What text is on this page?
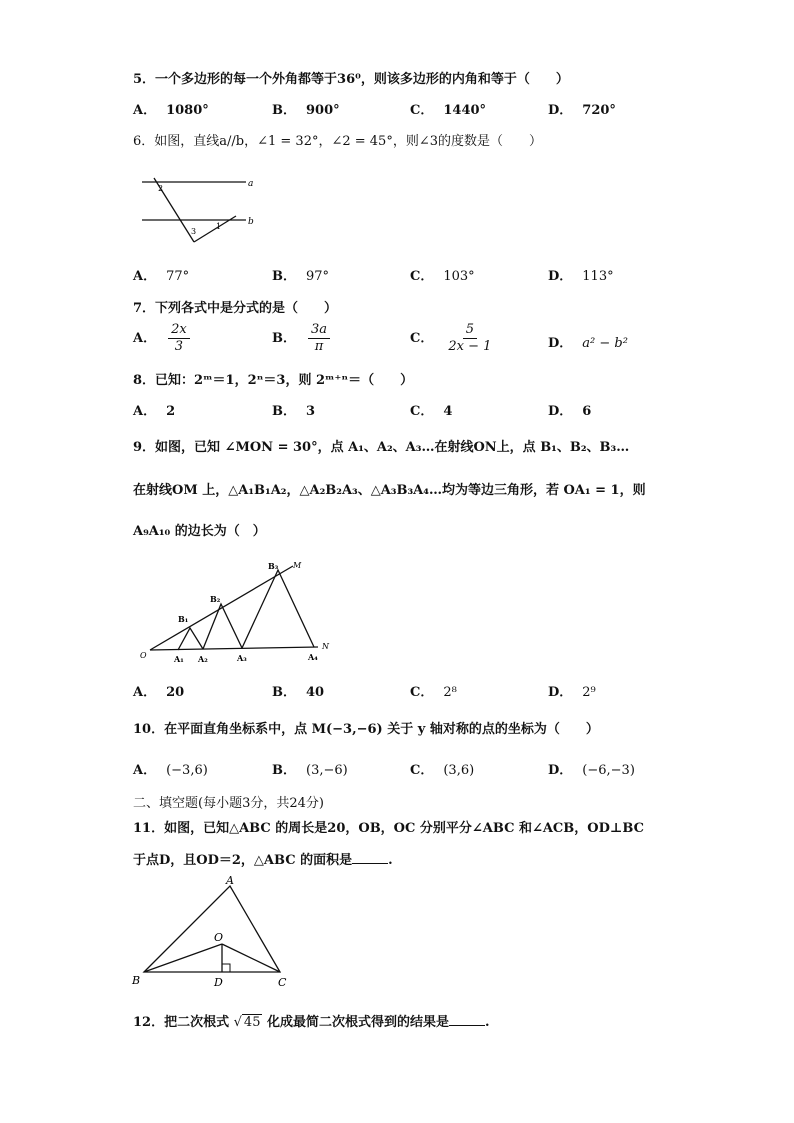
5．一个多边形的每一个外角都等于36⁰，则该多边形的内角和等于（　　）
A． 1080°	B． 900°	C． 1440°	D． 720°
6．如图，直线a//b，∠1 = 32°，∠2 = 45°，则∠3的度数是（　　）
a
b
1
2
3
A． 77°	B． 97°	C． 103°	D． 113°
7．下列各式中是分式的是（　　）
A． $\frac{2x}{3}$	B． $\frac{3a}{\pi}$	C． $\frac{5}{2x - 1}$	D． a² − b²
8．已知：2ᵐ＝1，2ⁿ＝3，则 2ᵐ⁺ⁿ＝（　　）
A． 2	B． 3	C． 4	D． 6
9．如图，已知 ∠MON = 30°，点 A₁、A₂、A₃…在射线ON上，点 B₁、B₂、B₃…
在射线OM 上，△A₁B₁A₂，△A₂B₂A₃、△A₃B₃A₄…均为等边三角形，若 OA₁ = 1，则
A₉A₁₀ 的边长为（　）
O
N
M
A₁ A₂	A₃	A₄
B₁
B₂
B₃
A． 20	B． 40	C． 2⁸	D． 2⁹
10．在平面直角坐标系中，点 M(−3,−6) 关于 y 轴对称的点的坐标为（　　）
A． (−3,6)	B． (3,−6)	C． (3,6)	D． (−6,−3)
二、填空题(每小题3分，共24分)
11．如图，已知△ABC 的周长是20，OB，OC 分别平分∠ABC 和∠ACB，OD⊥BC
于点D，且OD＝2，△ABC 的面积是	.
A
O
B	D	C
12．把二次根式 √ 45 化成最简二次根式得到的结果是	.
